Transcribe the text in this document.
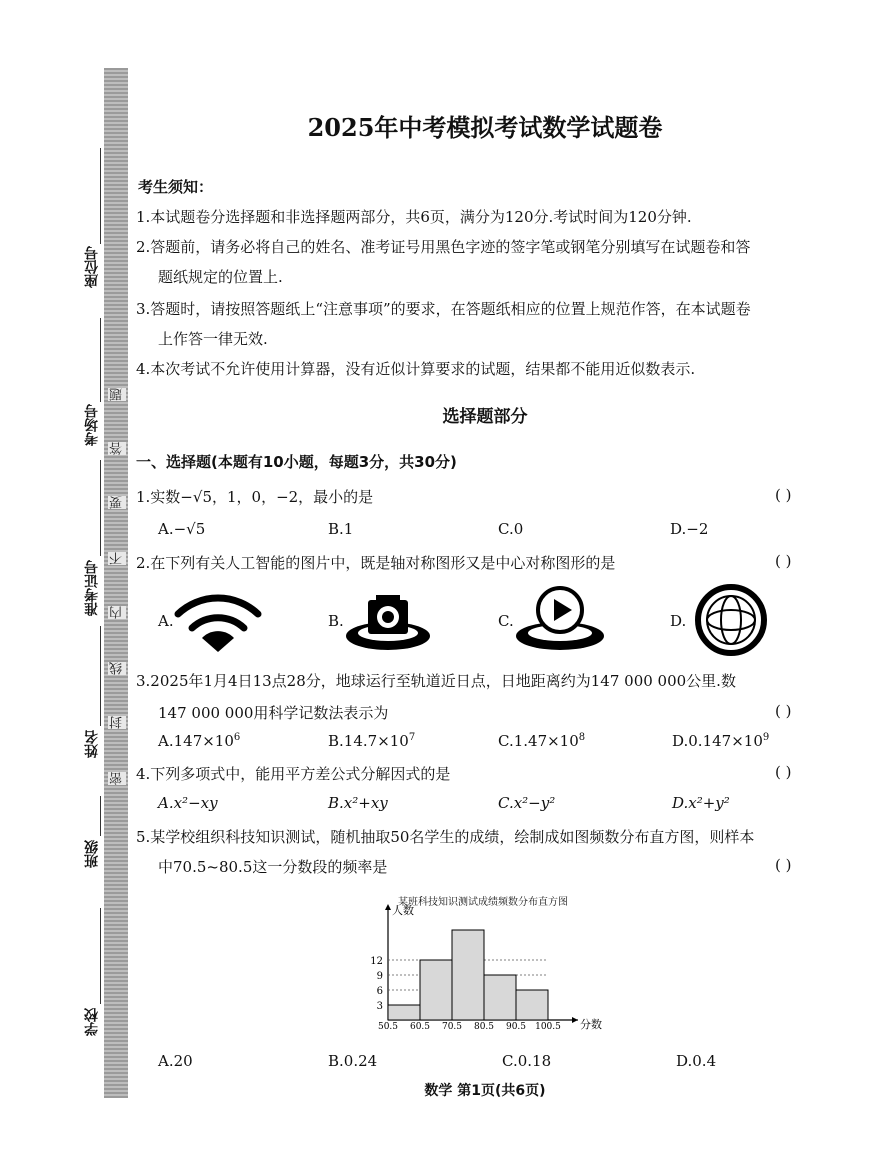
题
答
要
不
内
线
封
密
座位号
考场号
准考证号
姓名
班级
学校
2025年中考模拟考试数学试题卷
考生须知：
1.本试题卷分选择题和非选择题两部分，共6页，满分为120分.考试时间为120分钟.
2.答题前，请务必将自己的姓名、准考证号用黑色字迹的签字笔或钢笔分别填写在试题卷和答
题纸规定的位置上.
3.答题时，请按照答题纸上“注意事项”的要求，在答题纸相应的位置上规范作答，在本试题卷
上作答一律无效.
4.本次考试不允许使用计算器，没有近似计算要求的试题，结果都不能用近似数表示.
选择题部分
一、选择题(本题有10小题，每题3分，共30分)
1.实数−√5，1，0，−2，最小的是	( )
A.−√5	B.1	C.0	D.−2
2.在下列有关人工智能的图片中，既是轴对称图形又是中心对称图形的是	( )
A.	B.	C.	D.
3.2025年1月4日13点28分，地球运行至轨道近日点，日地距离约为147 000 000公里.数
147 000 000用科学记数法表示为	( )
$A.147\times 10^6$	$B.14.7\times 10^7$	$C.1.47\times 10^8$	$D.0.147\times 10^9$
4.下列多项式中，能用平方差公式分解因式的是	( )
A.x²−xy	B.x²+xy	C.x²−y²	D.x²+y²
5.某学校组织科技知识测试，随机抽取50名学生的成绩，绘制成如图频数分布直方图，则样本
中70.5~80.5这一分数段的频率是	( )
某班科技知识测试成绩频数分布直方图
3
6
9
12
50.5 60.5 70.5 80.5 90.5 100.5
人数
分数
A.20	B.0.24	C.0.18	D.0.4
数学 第1页(共6页)
